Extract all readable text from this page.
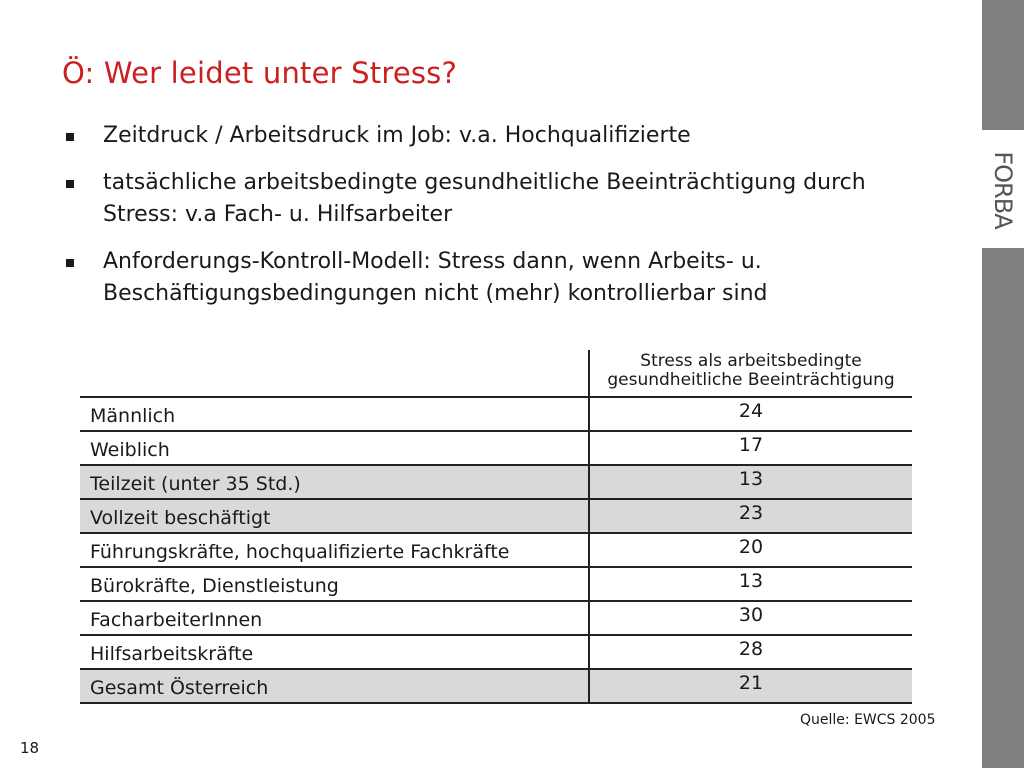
Ö: Wer leidet unter Stress?
Zeitdruck / Arbeitsdruck im Job: v.a. Hochqualifizierte
tatsächliche arbeitsbedingte gesundheitliche Beeinträchtigung durch Stress: v.a Fach- u. Hilfsarbeiter
Anforderungs-Kontroll-Modell: Stress dann, wenn Arbeits- u. Beschäftigungsbedingungen nicht (mehr) kontrollierbar sind
FORBA
	Stress als arbeitsbedingte gesundheitliche Beeinträchtigung
Männlich	24
Weiblich	17
Teilzeit (unter 35 Std.)	13
Vollzeit beschäftigt	23
Führungskräfte, hochqualifizierte Fachkräfte	20
Bürokräfte, Dienstleistung	13
FacharbeiterInnen	30
Hilfsarbeitskräfte	28
Gesamt Österreich	21
Quelle: EWCS 2005
18
